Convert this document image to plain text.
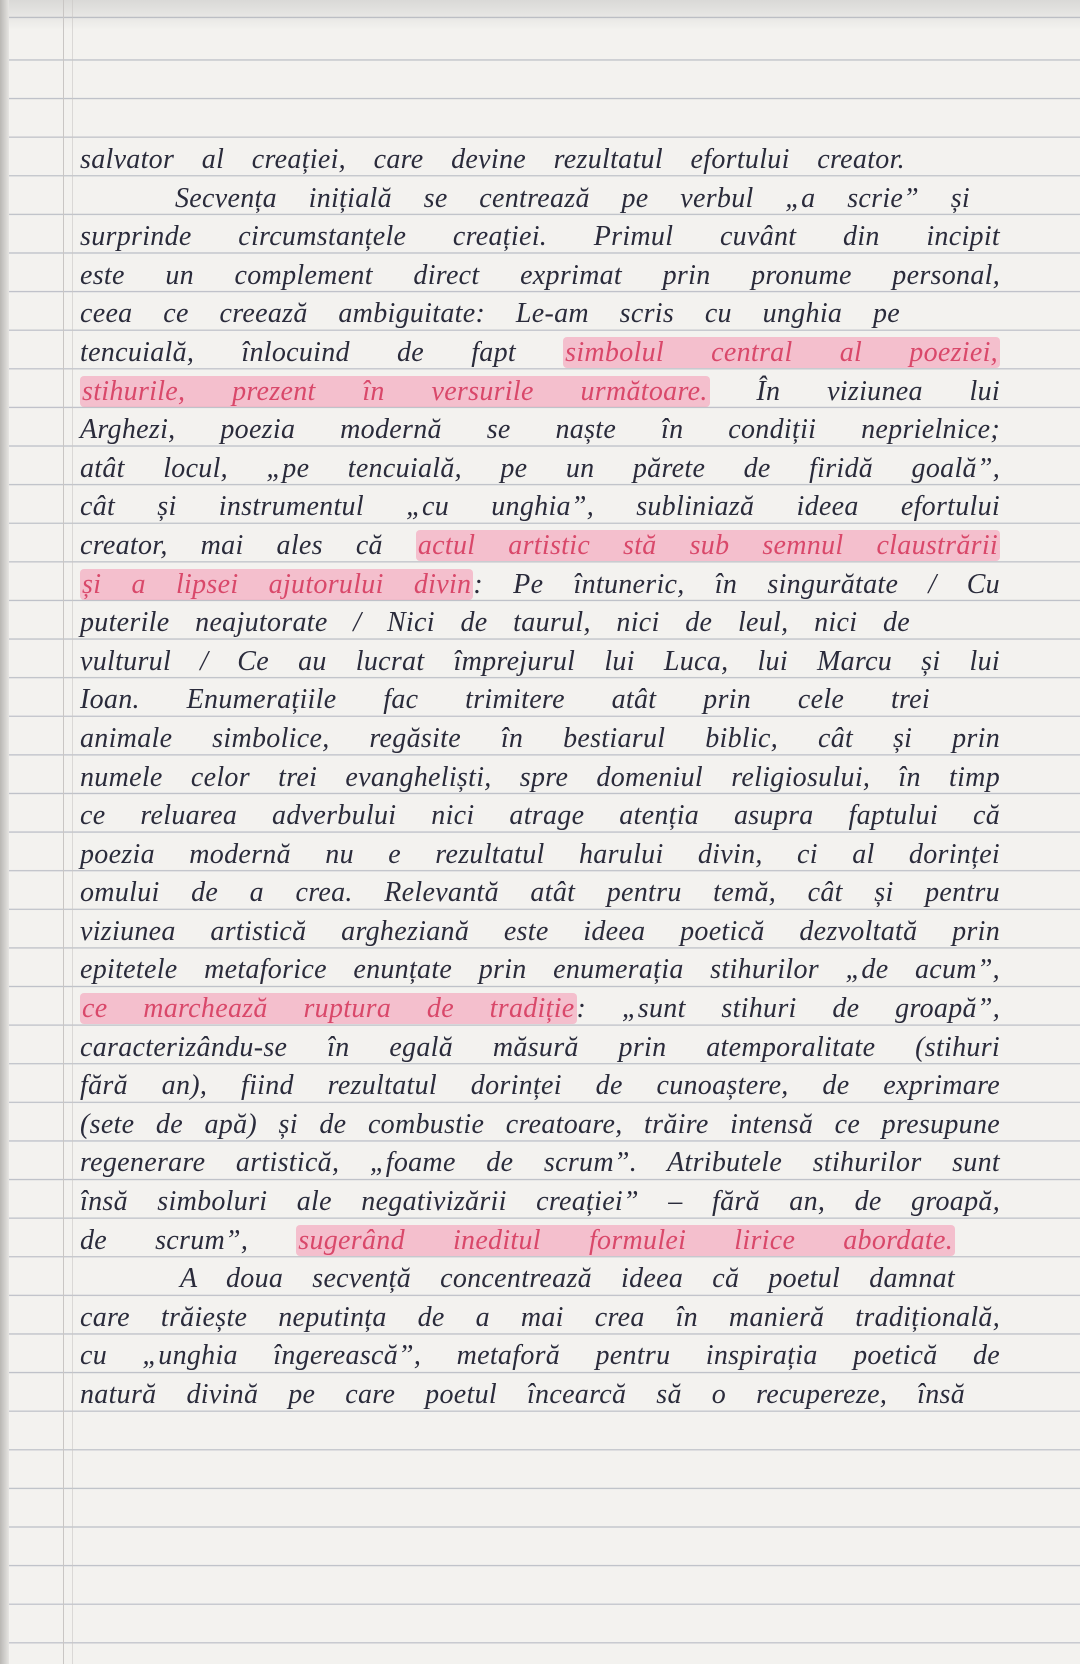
salvator al creației, care devine rezultatul efortului creator.
Secvența inițială se centrează pe verbul „a scrie” și
surprinde circumstanțele creației. Primul cuvânt din incipit
este un complement direct exprimat prin pronume personal,
ceea ce creează ambiguitate: Le-am scris cu unghia pe
tencuială, înlocuind de fapt simbolul central al poeziei,
stihurile, prezent în versurile următoare. În viziunea lui
Arghezi, poezia modernă se naște în condiții neprielnice;
atât locul, „pe tencuială, pe un părete de firidă goală”,
cât și instrumentul „cu unghia”, subliniază ideea efortului
creator, mai ales că actul artistic stă sub semnul claustrării
și a lipsei ajutorului divin: Pe întuneric, în singurătate / Cu
puterile neajutorate / Nici de taurul, nici de leul, nici de
vulturul / Ce au lucrat împrejurul lui Luca, lui Marcu și lui
Ioan. Enumerațiile fac trimitere atât prin cele trei
animale simbolice, regăsite în bestiarul biblic, cât și prin
numele celor trei evangheliști, spre domeniul religiosului, în timp
ce reluarea adverbului nici atrage atenția asupra faptului că
poezia modernă nu e rezultatul harului divin, ci al dorinței
omului de a crea. Relevantă atât pentru temă, cât și pentru
viziunea artistică argheziană este ideea poetică dezvoltată prin
epitetele metaforice enunțate prin enumerația stihurilor „de acum”,
ce marchează ruptura de tradiție: „sunt stihuri de groapă”,
caracterizându-se în egală măsură prin atemporalitate (stihuri
fără an), fiind rezultatul dorinței de cunoaștere, de exprimare
(sete de apă) și de combustie creatoare, trăire intensă ce presupune
regenerare artistică, „foame de scrum”. Atributele stihurilor sunt
însă simboluri ale negativizării creației” – fără an, de groapă,
de scrum”, sugerând ineditul formulei lirice abordate.
A doua secvență concentrează ideea că poetul damnat
care trăiește neputința de a mai crea în manieră tradițională,
cu „unghia îngerească”, metaforă pentru inspirația poetică de
natură divină pe care poetul încearcă să o recupereze, însă
